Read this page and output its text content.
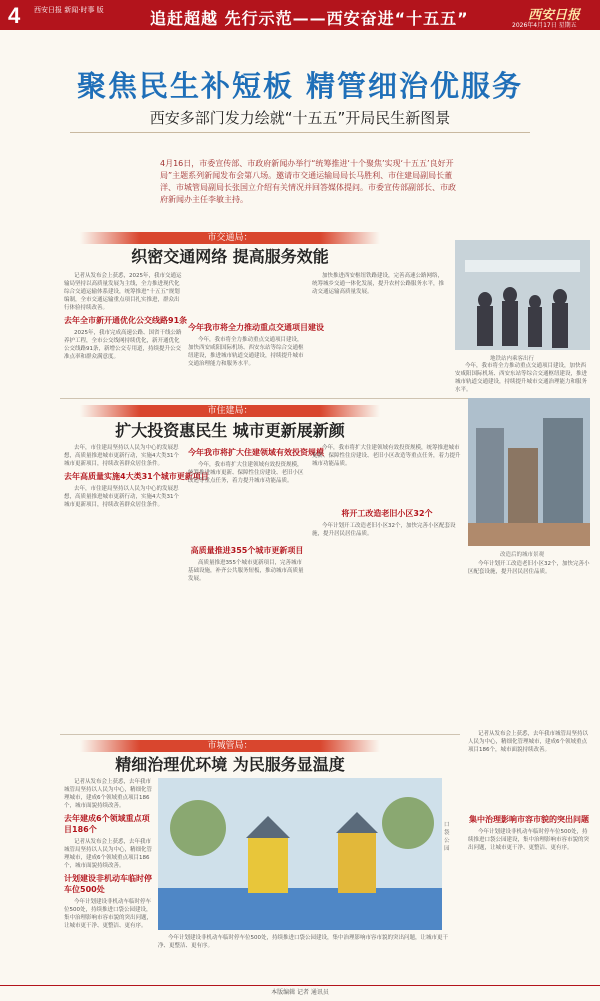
4 西安日报 新闻·时事 版	追赶超越 先行示范——西安奋进“十五五”	西安日报
2026年4月17日 星期五
聚焦民生补短板 精管细治优服务
西安多部门发力绘就“十五五”开局民生新图景
4月16日，市委宣传部、市政府新闻办举行“统筹推进‘十个聚焦’实现‘十五五’良好开局”主题系列新闻发布会第八场。邀请市交通运输局局长马胜利、市住建局副局长董洋、市城管局副局长张国立介绍有关情况并回答媒体提问。市委宣传部副部长、市政府新闻办主任李敏主持。
市交通局：
织密交通网络 提高服务效能
地铁站内乘客出行

记者从发布会上获悉，2025年，我市交通运输局坚持以高质量发展为主线，全力推进现代化综合交通运输体系建设，统筹推进“十五五”规划编制，全市交通运输重点项目扎实推进，群众出行体验持续改善。

去年全市新开通优化公交线路91条

2025年，我市完成高速公路、国省干线公路养护工程，全市公交线网持续优化，新开通优化公交线路91条，新增公交专用道，持续提升公交准点率和群众满意度。

今年我市将全力推动重点交通项目建设

今年，我市将全力推动重点交通项目建设，加快西安咸阳国际机场、西安东站等综合交通枢纽建设，推进城市轨道交通建设，持续提升城市交通治理能力和服务水平。

加快推进西安枢纽铁路建设，完善高速公路网络，统筹城乡交通一体化发展，提升农村公路服务水平，推动交通运输高质量发展。

今年，我市将全力推动重点交通项目建设，加快西安咸阳国际机场、西安东站等综合交通枢纽建设，推进城市轨道交通建设，持续提升城市交通治理能力和服务水平。

市住建局：
扩大投资惠民生 城市更新展新颜
改造后的城市景观

去年，市住建局坚持以人民为中心的发展思想，高质量推进城市更新行动，实施4大类31个城市更新项目，持续改善群众居住条件。

去年高质量实施4大类31个城市更新项目

去年，市住建局坚持以人民为中心的发展思想，高质量推进城市更新行动，实施4大类31个城市更新项目，持续改善群众居住条件。

今年我市将扩大住建领域有效投资规模

今年，我市将扩大住建领域有效投资规模，统筹推进城市更新、保障性住房建设、老旧小区改造等重点任务，着力提升城市功能品质。

高质量推进355个城市更新项目

高质量推进355个城市更新项目，完善城市基础设施，补齐公共服务短板，推动城市高质量发展。

今年，我市将扩大住建领域有效投资规模，统筹推进城市更新、保障性住房建设、老旧小区改造等重点任务，着力提升城市功能品质。

将开工改造老旧小区32个

今年计划开工改造老旧小区32个，加快完善小区配套设施，提升居民居住品质。

今年计划开工改造老旧小区32个，加快完善小区配套设施，提升居民居住品质。

市城管局：
精细治理优环境 为民服务显温度
口袋公园

记者从发布会上获悉，去年我市城管局坚持以人民为中心，精细化管理城市，建成6个领域重点项目186个，城市面貌持续改善。

去年建成6个领域重点项目186个

记者从发布会上获悉，去年我市城管局坚持以人民为中心，精细化管理城市，建成6个领域重点项目186个，城市面貌持续改善。

计划建设非机动车临时停车位500处

今年计划建设非机动车临时停车位500处，持续推进口袋公园建设，集中治理影响市容市貌的突出问题，让城市更干净、更整洁、更有序。

今年计划建设非机动车临时停车位500处，持续推进口袋公园建设，集中治理影响市容市貌的突出问题，让城市更干净、更整洁、更有序。

记者从发布会上获悉，去年我市城管局坚持以人民为中心，精细化管理城市，建成6个领域重点项目186个，城市面貌持续改善。

集中治理影响市容市貌的突出问题

今年计划建设非机动车临时停车位500处，持续推进口袋公园建设，集中治理影响市容市貌的突出问题，让城市更干净、更整洁、更有序。

本版编辑 记者 通讯员
